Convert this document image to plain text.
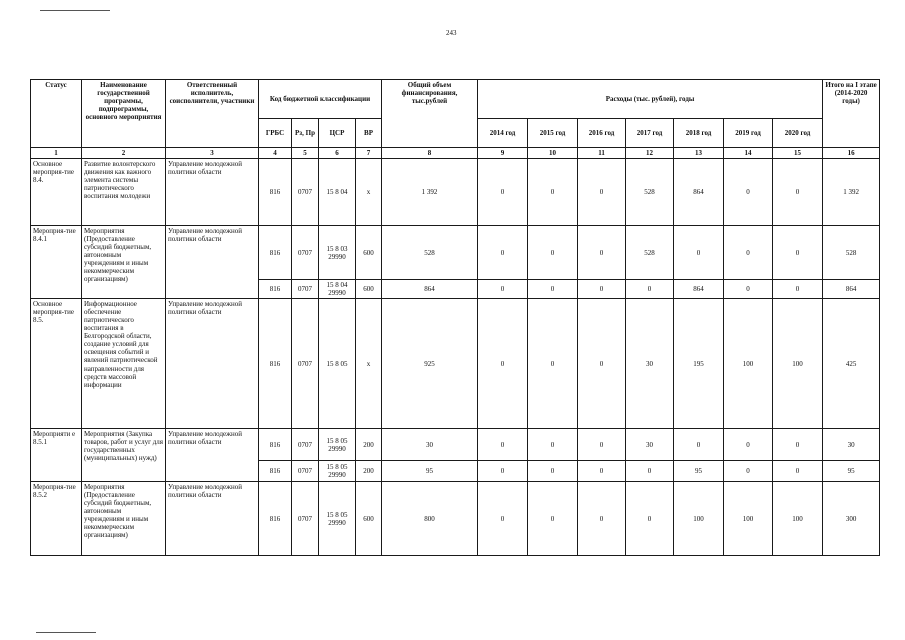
243
Статус	Наименование государственной программы, подпрограммы, основного мероприятия	Ответственный исполнитель, соисполнители, участники	Код бюджетной классификации				Общий объем финансирования, тыс.рублей	Расходы (тыс. рублей), годы							Итого на I этапе (2014-2020 годы)
			ГРБС	Рз, Пр	ЦСР	ВР		2014 год	2015 год	2016 год	2017 год	2018 год	2019 год	2020 год	
1	2	3	4	5	6	7	8	9	10	11	12	13	14	15	16
Основное мероприя-тие 8.4.	Развитие волонтерского движения как важного элемента системы патриотического воспитания молодежи	Управление молодежной политики области	816	0707	15 8 04	х	1 392	0	0	0	528	864	0	0	1 392
Мероприя-тие 8.4.1	Мероприятия (Предоставление субсидий бюджетным, автономным учреждениям и иным некоммерческим организациям)	Управление молодежной политики области	816	0707	15 8 03 29990	600	528	0	0	0	528	0	0	0	528
			816	0707	15 8 04 29990	600	864	0	0	0	0	864	0	0	864
Основное мероприя-тие 8.5.	Информационное обеспечение патриотического воспитания в Белгородской области, создание условий для освещения событий и явлений патриотической направленности для средств массовой информации	Управление молодежной политики области	816	0707	15 8 05	х	925	0	0	0	30	195	100	100	425
Мероприяти е 8.5.1	Мероприятия (Закупка товаров, работ и услуг для государственных (муниципальных) нужд)	Управление молодежной политики области	816	0707	15 8 05 29990	200	30	0	0	0	30	0	0	0	30
			816	0707	15 8 05 29990	200	95	0	0	0	0	95	0	0	95
Мероприя-тие 8.5.2	Мероприятия (Предоставление субсидий бюджетным, автономным учреждениям и иным некоммерческим организациям)	Управление молодежной политики области	816	0707	15 8 05 29990	600	800	0	0	0	0	100	100	100	300
